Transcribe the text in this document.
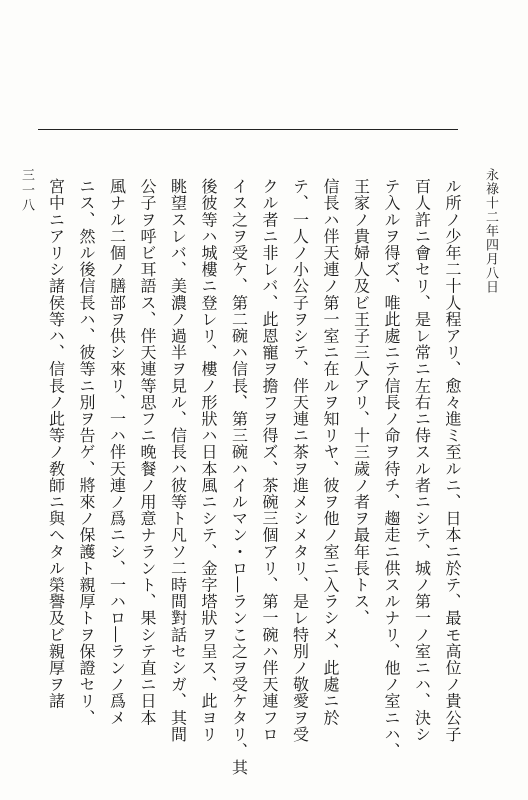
永祿十二年四月八日
三一八	ル所ノ少年二十人程アリ、愈々進ミ至ルニ、日本ニ於テ、最モ高位ノ貴公子
百人許ニ會セリ、是レ常ニ左右ニ侍スル者ニシテ、城ノ第一ノ室ニハ、決シ
テ入ルヲ得ズ、唯此處ニテ信長ノ命ヲ待チ、趨走ニ供スルナリ、他ノ室ニハ、
王家ノ貴婦人及ビ王子三人アリ、十三歲ノ者ヲ最年長トス、
信長ハ伴天連ノ第一室ニ在ルヲ知リヤ、彼ヲ他ノ室ニ入ラシメ、此處ニ於
テ、一人ノ小公子ヲシテ、伴天連ニ茶ヲ進メシメタリ、是レ特別ノ敬愛ヲ受
クル者ニ非レバ、此恩寵ヲ擔フヲ得ズ、茶碗三個アリ、第一碗ハ伴天連フロ
イス之ヲ受ケ、第二碗ハ信長、第三碗ハイルマン・ロ―ランこ之ヲ受ケタリ、其
後彼等ハ城樓ニ登レリ、樓ノ形狀ハ日本風ニシテ、金字塔狀ヲ呈ス、此ヨリ
眺望スレバ、美濃ノ過半ヲ見ル、信長ハ彼等ト凡ソ二時間對話セシガ、其間
公子ヲ呼ビ耳語ス、伴天連等思フニ晚餐ノ用意ナラント、果シテ直ニ日本
風ナル二個ノ膳部ヲ供シ來リ、一ハ伴天連ノ爲ニシ、一ハロ―ランノ爲メ
ニス、然ル後信長ハ、彼等ニ別ヲ告ゲ、將來ノ保護ト親厚トヲ保證セリ、
宮中ニアリシ諸侯等ハ、信長ノ此等ノ敎師ニ與ヘタル榮譽及ビ親厚ヲ諸
